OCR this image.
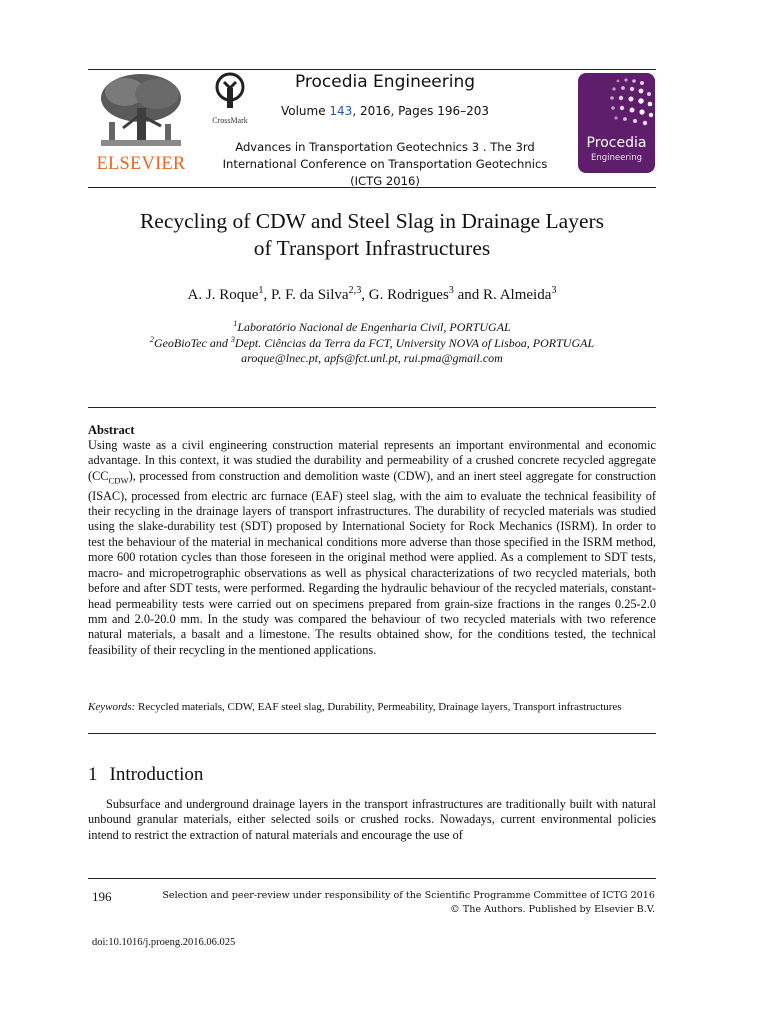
ELSEVIER
CrossMark
Procedia Engineering
Volume 143, 2016, Pages 196–203
Advances in Transportation Geotechnics 3 . The 3rd
International Conference on Transportation Geotechnics
(ICTG 2016)
Procedia
Engineering
Recycling of CDW and Steel Slag in Drainage Layers
of Transport Infrastructures
A. J. Roque$^1$, P. F. da Silva$^{2,3}$, G. Rodrigues$^3$ and R. Almeida$^3$
$^1$Laboratório Nacional de Engenharia Civil, PORTUGAL
$^2$GeoBioTec and $^3$Dept. Ciências da Terra da FCT, University NOVA of Lisboa, PORTUGAL
aroque@lnec.pt, apfs@fct.unl.pt, rui.pma@gmail.com
Abstract
Using waste as a civil engineering construction material represents an important environmental and economic advantage. In this context, it was studied the durability and permeability of a crushed concrete recycled aggregate $(CC_{CDW})$, processed from construction and demolition waste (CDW), and an inert steel aggregate for construction (ISAC), processed from electric arc furnace (EAF) steel slag, with the aim to evaluate the technical feasibility of their recycling in the drainage layers of transport infrastructures. The durability of recycled materials was studied using the slake-durability test (SDT) proposed by International Society for Rock Mechanics (ISRM). In order to test the behaviour of the material in mechanical conditions more adverse than those specified in the ISRM method, more 600 rotation cycles than those foreseen in the original method were applied. As a complement to SDT tests, macro- and micropetrographic observations as well as physical characterizations of two recycled materials, both before and after SDT tests, were performed. Regarding the hydraulic behaviour of the recycled materials, constant-head permeability tests were carried out on specimens prepared from grain-size fractions in the ranges 0.25-2.0 mm and 2.0-20.0 mm. In the study was compared the behaviour of two recycled materials with two reference natural materials, a basalt and a limestone. The results obtained show, for the conditions tested, the technical feasibility of their recycling in the mentioned applications.
Keywords: Recycled materials, CDW, EAF steel slag, Durability, Permeability, Drainage layers, Transport infrastructures
1 Introduction
Subsurface and underground drainage layers in the transport infrastructures are traditionally built with natural unbound granular materials, either selected soils or crushed rocks. Nowadays, current environmental policies intend to restrict the extraction of natural materials and encourage the use of
196	Selection and peer-review under responsibility of the Scientific Programme Committee of ICTG 2016
© The Authors. Published by Elsevier B.V.
doi:10.1016/j.proeng.2016.06.025
